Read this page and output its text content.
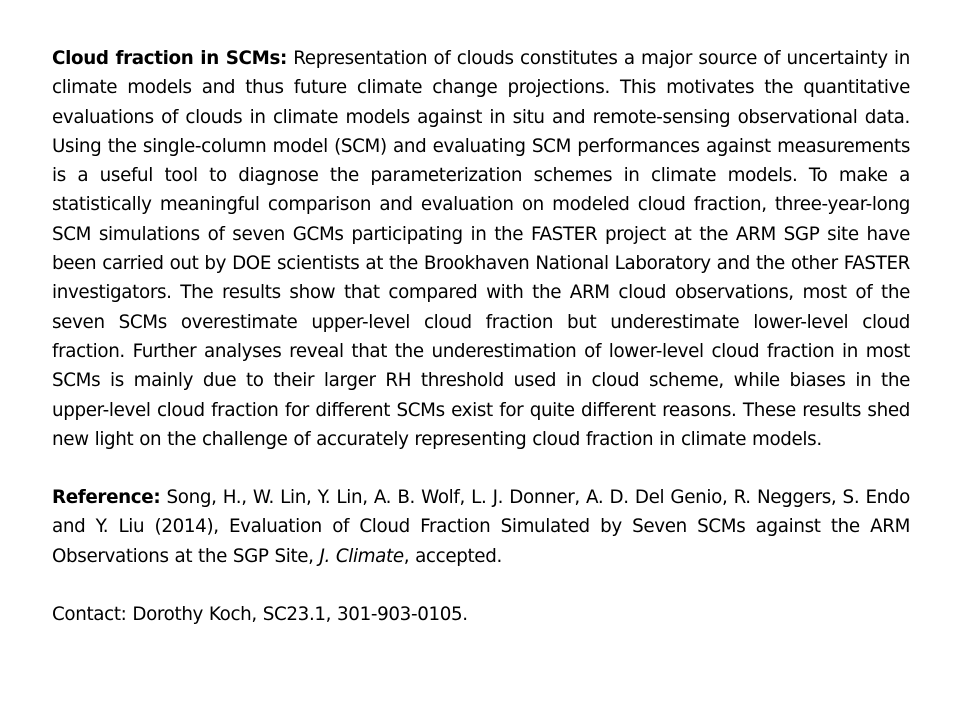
Cloud fraction in SCMs: Representation of clouds constitutes a major source of uncertainty in climate models and thus future climate change projections. This motivates the quantitative evaluations of clouds in climate models against in situ and remote-sensing observational data. Using the single-column model (SCM) and evaluating SCM performances against measurements is a useful tool to diagnose the parameterization schemes in climate models. To make a statistically meaningful comparison and evaluation on modeled cloud fraction, three-year-long SCM simulations of seven GCMs participating in the FASTER project at the ARM SGP site have been carried out by DOE scientists at the Brookhaven National Laboratory and the other FASTER investigators. The results show that compared with the ARM cloud observations, most of the seven SCMs overestimate upper-level cloud fraction but underestimate lower-level cloud fraction. Further analyses reveal that the underestimation of lower-level cloud fraction in most SCMs is mainly due to their larger RH threshold used in cloud scheme, while biases in the upper-level cloud fraction for different SCMs exist for quite different reasons. These results shed new light on the challenge of accurately representing cloud fraction in climate models.

Reference: Song, H., W. Lin, Y. Lin, A. B. Wolf, L. J. Donner, A. D. Del Genio, R. Neggers, S. Endo and Y. Liu (2014), Evaluation of Cloud Fraction Simulated by Seven SCMs against the ARM Observations at the SGP Site, J. Climate, accepted.

Contact: Dorothy Koch, SC23.1, 301-903-0105.
